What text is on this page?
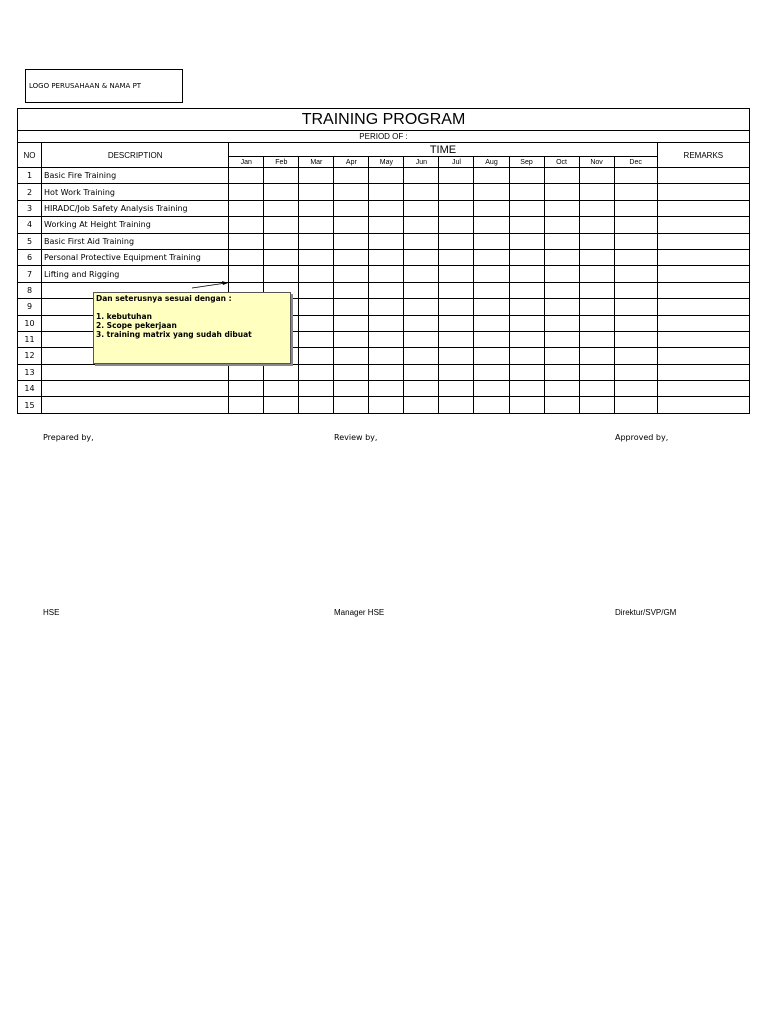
LOGO PERUSAHAAN & NAMA PT
TRAINING PROGRAM														
PERIOD OF :														
NO	DESCRIPTION	TIME												REMARKS
		Jan	Feb	Mar	Apr	May	Jun	Jul	Aug	Sep	Oct	Nov	Dec	
1	Basic Fire Training													
2	Hot Work Training													
3	HIRADC/Job Safety Analysis Training													
4	Working At Height Training													
5	Basic First Aid Training													
6	Personal Protective Equipment Training													
7	Lifting and Rigging													
8														
9														
10														
11														
12														
13														
14														
15														
Dan seterusnya sesuai dengan :
1. kebutuhan
2. Scope pekerjaan
3. training matrix yang sudah dibuat
Prepared by,	Review by,	Approved by,
HSE	Manager HSE	Direktur/SVP/GM
